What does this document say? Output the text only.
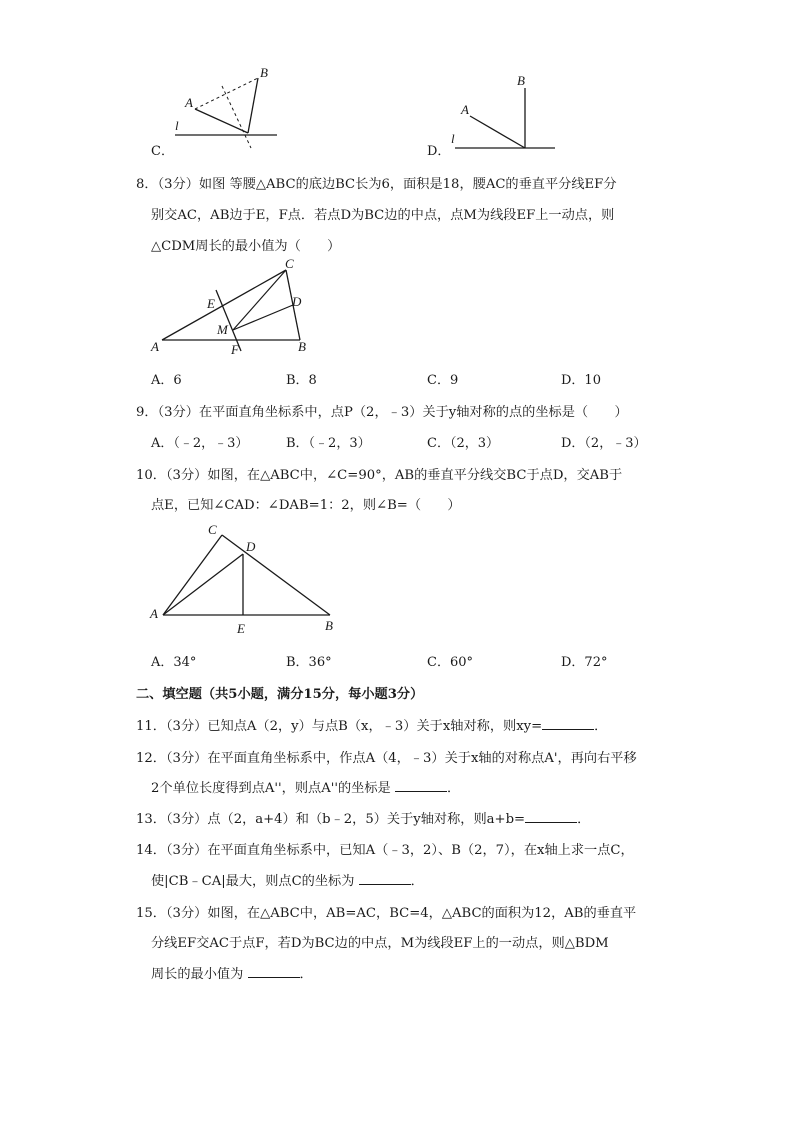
B
A
l
C．
B
A
l
D．
8．（3分）如图 等腰△ABC的底边BC长为6，面积是18，腰AC的垂直平分线EF分
别交AC，AB边于E，F点．若点D为BC边的中点，点M为线段EF上一动点，则
△CDM周长的最小值为（　　）
C
D
E
M
A	F	B
A．6	B．8	C．9	D．10
9．（3分）在平面直角坐标系中，点P（2，﹣3）关于y轴对称的点的坐标是（　　）
A．（﹣2，﹣3）	B．（﹣2，3）	C．（2，3）	D．（2，﹣3）
10．（3分）如图，在△ABC中，∠C=90°，AB的垂直平分线交BC于点D，交AB于
点E，已知∠CAD：∠DAB=1：2，则∠B=（　　）
C
D
A
E	B
A．34°	B．36°	C．60°	D．72°
二、填空题（共5小题，满分15分，每小题3分）
11．（3分）已知点A（2，y）与点B（x，﹣3）关于x轴对称，则xy=	．
12．（3分）在平面直角坐标系中，作点A（4，﹣3）关于x轴的对称点A'，再向右平移
2个单位长度得到点A''，则点A''的坐标是	．
13．（3分）点（2，a+4）和（b﹣2，5）关于y轴对称，则a+b=	．
14．（3分）在平面直角坐标系中，已知A（﹣3，2）、B（2，7），在x轴上求一点C，
使|CB﹣CA|最大，则点C的坐标为	．
15．（3分）如图，在△ABC中，AB=AC，BC=4，△ABC的面积为12，AB的垂直平
分线EF交AC于点F，若D为BC边的中点，M为线段EF上的一动点，则△BDM
周长的最小值为	．
